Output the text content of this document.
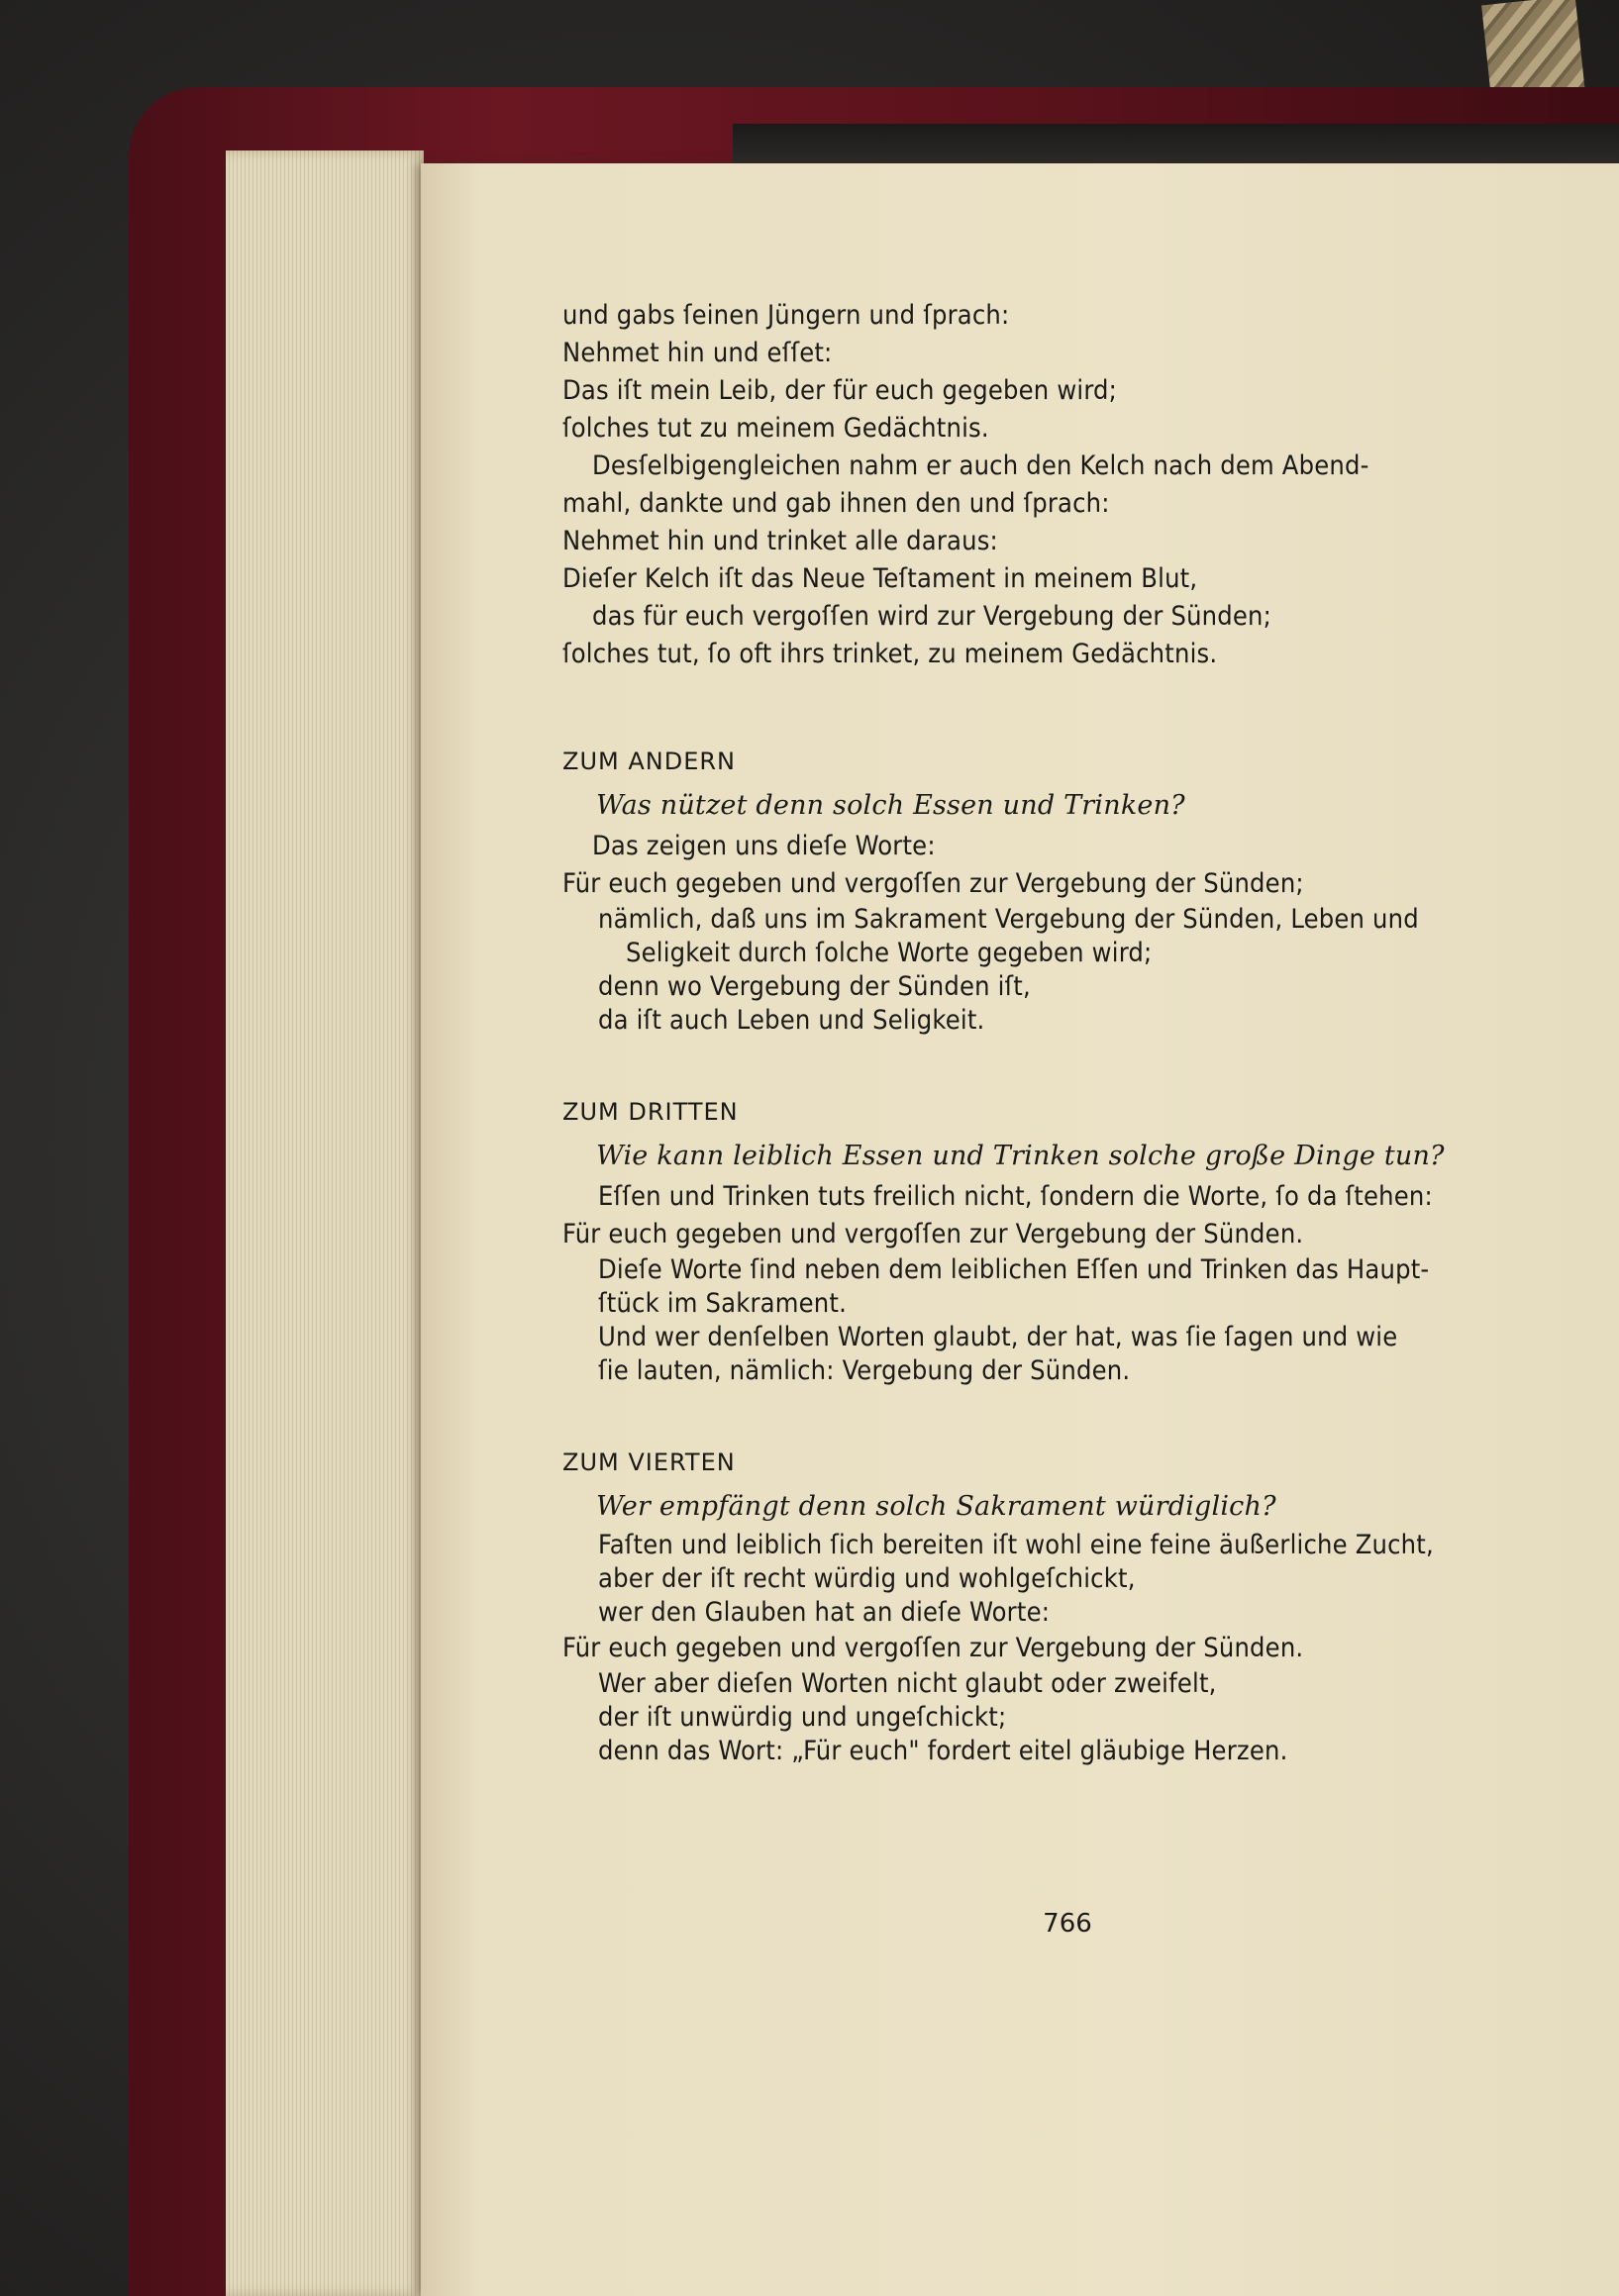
und gabs ſeinen Jüngern und ſprach:
Nehmet hin und eſſet:
Das iſt mein Leib, der für euch gegeben wird;
ſolches tut zu meinem Gedächtnis.
Desſelbigengleichen nahm er auch den Kelch nach dem Abend-
mahl, dankte und gab ihnen den und ſprach:
Nehmet hin und trinket alle daraus:
Dieſer Kelch iſt das Neue Teſtament in meinem Blut,
das für euch vergoſſen wird zur Vergebung der Sünden;
ſolches tut, ſo oft ihrs trinket, zu meinem Gedächtnis.
ZUM ANDERN
Was nützet denn solch Essen und Trinken?
Das zeigen uns dieſe Worte:
Für euch gegeben und vergoſſen zur Vergebung der Sünden;
nämlich, daß uns im Sakrament Vergebung der Sünden, Leben und
Seligkeit durch ſolche Worte gegeben wird;
denn wo Vergebung der Sünden iſt,
da iſt auch Leben und Seligkeit.
ZUM DRITTEN
Wie kann leiblich Essen und Trinken solche große Dinge tun?
Eſſen und Trinken tuts freilich nicht, ſondern die Worte, ſo da ſtehen:
Für euch gegeben und vergoſſen zur Vergebung der Sünden.
Dieſe Worte ſind neben dem leiblichen Eſſen und Trinken das Haupt-
ſtück im Sakrament.
Und wer denſelben Worten glaubt, der hat, was ſie ſagen und wie
ſie lauten, nämlich: Vergebung der Sünden.
ZUM VIERTEN
Wer empfängt denn solch Sakrament würdiglich?
Faſten und leiblich ſich bereiten iſt wohl eine feine äußerliche Zucht,
aber der iſt recht würdig und wohlgeſchickt,
wer den Glauben hat an dieſe Worte:
Für euch gegeben und vergoſſen zur Vergebung der Sünden.
Wer aber dieſen Worten nicht glaubt oder zweifelt,
der iſt unwürdig und ungeſchickt;
denn das Wort: „Für euch" fordert eitel gläubige Herzen.
766
